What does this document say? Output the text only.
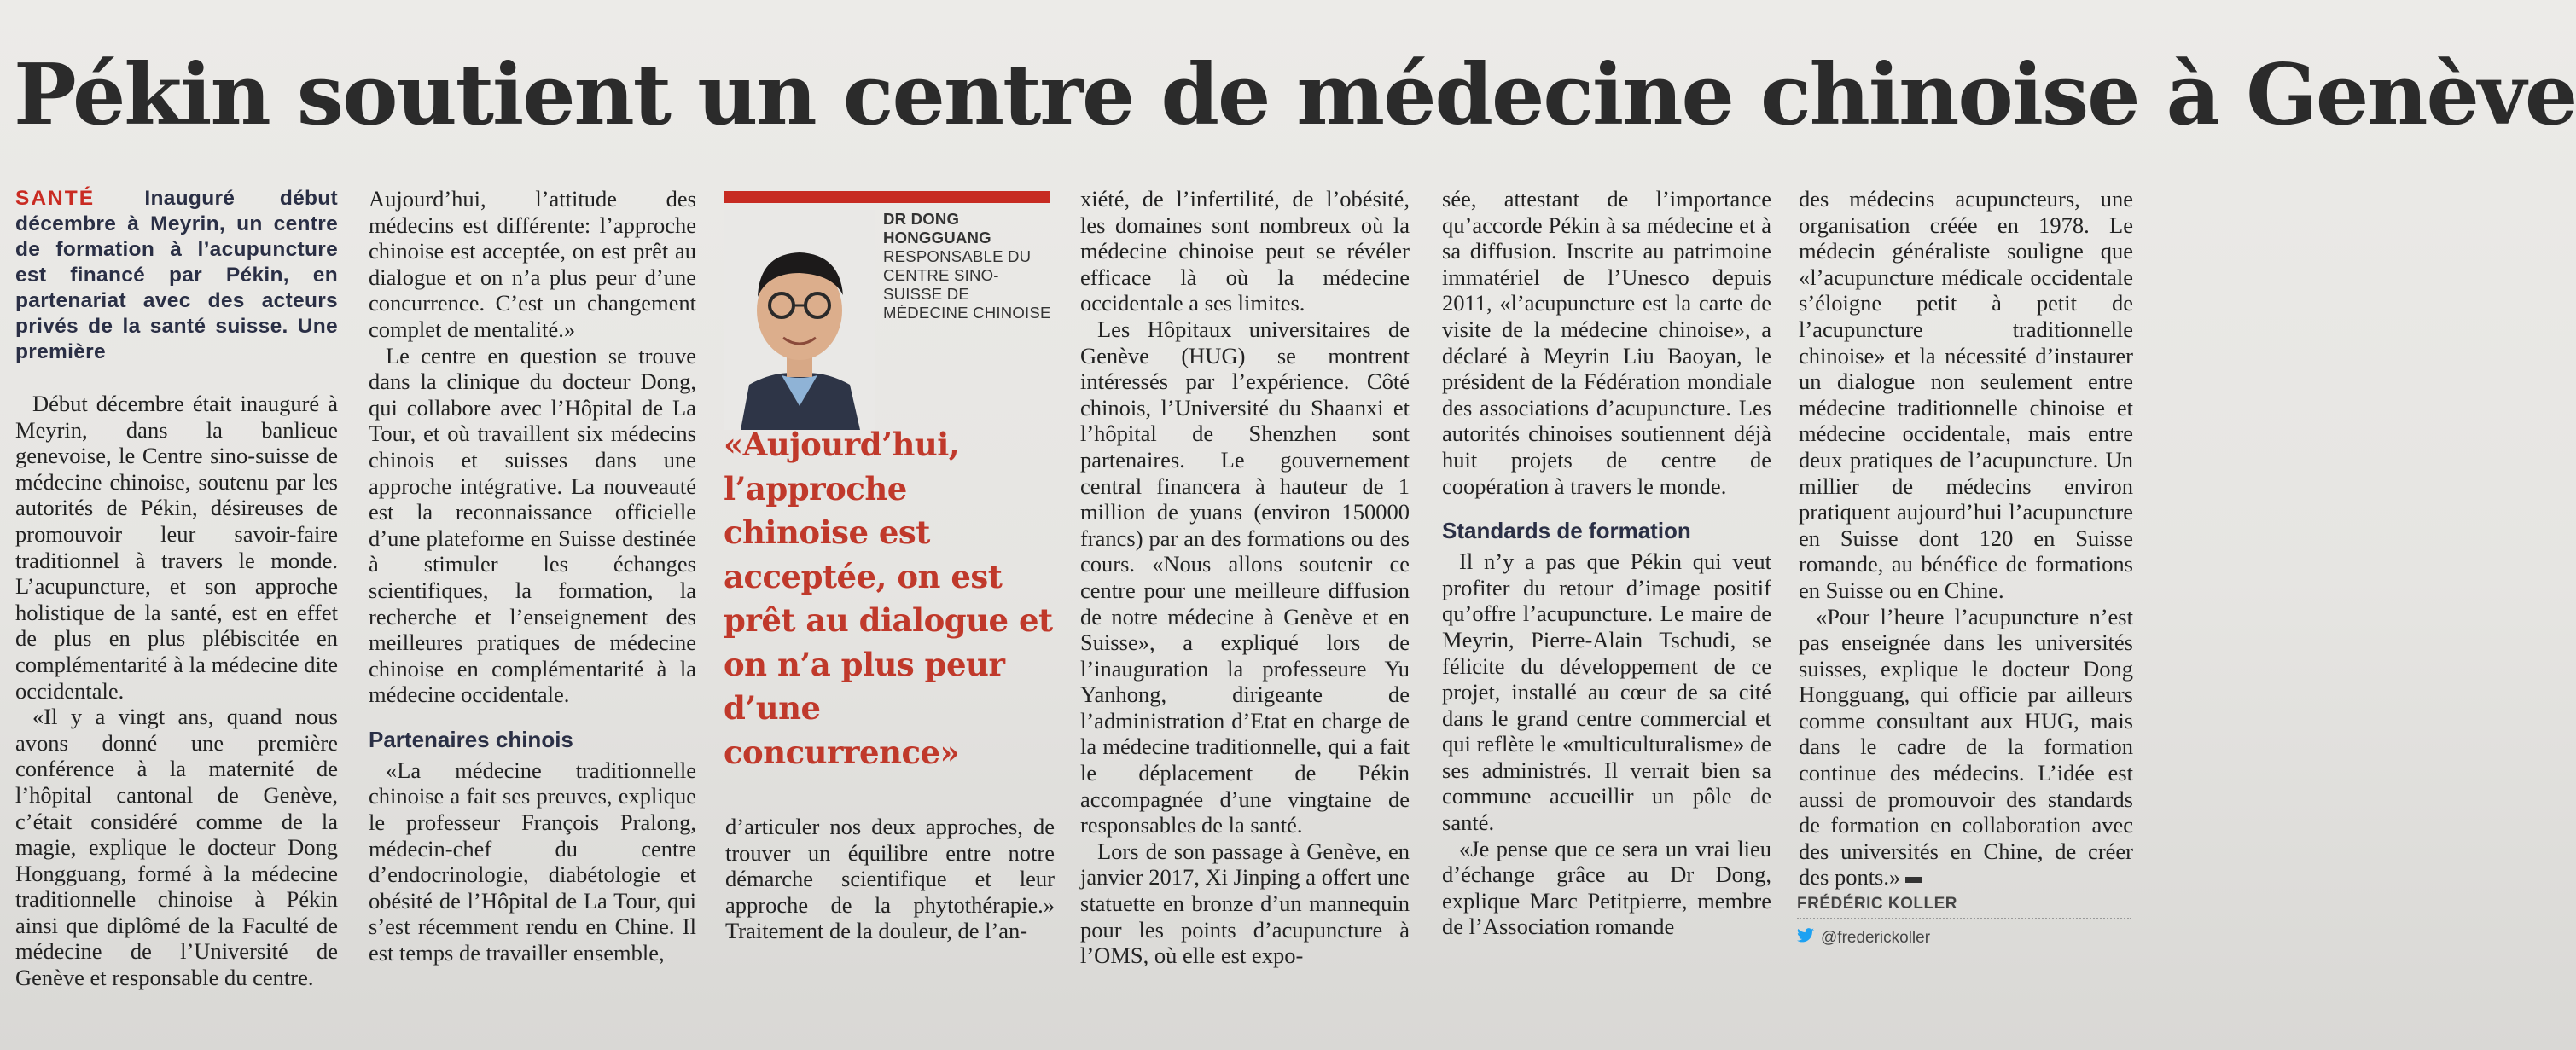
Pékin soutient un centre de médecine chinoise à Genève

SANTÉ Inauguré début décembre à Meyrin, un centre de formation à l’acupuncture est financé par Pékin, en partenariat avec des acteurs privés de la santé suisse. Une première

Début décembre était inauguré à Meyrin, dans la banlieue genevoise, le Centre sino-suisse de médecine chinoise, soutenu par les autorités de Pékin, désireuses de promouvoir leur savoir-faire traditionnel à travers le monde. L’acupuncture, et son approche holistique de la santé, est en effet de plus en plus plébiscitée en complémentarité à la médecine dite occidentale.

«Il y a vingt ans, quand nous avons donné une première conférence à la maternité de l’hôpital cantonal de Genève, c’était considéré comme de la magie, explique le docteur Dong Hongguang, formé à la médecine traditionnelle chinoise à Pékin ainsi que diplômé de la Faculté de médecine de l’Université de Genève et responsable du centre.

Aujourd’hui, l’attitude des médecins est différente: l’approche chinoise est acceptée, on est prêt au dialogue et on n’a plus peur d’une concurrence. C’est un changement complet de mentalité.»

Le centre en question se trouve dans la clinique du docteur Dong, qui collabore avec l’Hôpital de La Tour, et où travaillent six médecins chinois et suisses dans une approche intégrative. La nouveauté est la reconnaissance officielle d’une plateforme en Suisse destinée à stimuler les échanges scientifiques, la formation, la recherche et l’enseignement des meilleures pratiques de médecine chinoise en complémentarité à la médecine occidentale.

Partenaires chinois

«La médecine traditionnelle chinoise a fait ses preuves, explique le professeur François Pralong, médecin-chef du centre d’endocrinologie, diabétologie et obésité de l’Hôpital de La Tour, qui s’est récemment rendu en Chine. Il est temps de travailler ensemble,

DR DONG HONGGUANG
RESPONSABLE DU CENTRE SINO-SUISSE DE MÉDECINE CHINOISE

«Aujourd’hui, l’approche chinoise est acceptée, on est prêt au dialogue et on n’a plus peur d’une concurrence»

d’articuler nos deux approches, de trouver un équilibre entre notre démarche scientifique et leur approche de la phytothérapie.» Traitement de la douleur, de l’an-

xiété, de l’infertilité, de l’obésité, les domaines sont nombreux où la médecine chinoise peut se révéler efficace là où la médecine occidentale a ses limites.

Les Hôpitaux universitaires de Genève (HUG) se montrent intéressés par l’expérience. Côté chinois, l’Université du Shaanxi et l’hôpital de Shenzhen sont partenaires. Le gouvernement central financera à hauteur de 1 million de yuans (environ 150000 francs) par an des formations ou des cours. «Nous allons soutenir ce centre pour une meilleure diffusion de notre médecine à Genève et en Suisse», a expliqué lors de l’inauguration la professeure Yu Yanhong, dirigeante de l’administration d’Etat en charge de la médecine traditionnelle, qui a fait le déplacement de Pékin accompagnée d’une vingtaine de responsables de la santé.

Lors de son passage à Genève, en janvier 2017, Xi Jinping a offert une statuette en bronze d’un mannequin pour les points d’acupuncture à l’OMS, où elle est expo-

sée, attestant de l’importance qu’accorde Pékin à sa médecine et à sa diffusion. Inscrite au patrimoine immatériel de l’Unesco depuis 2011, «l’acupuncture est la carte de visite de la médecine chinoise», a déclaré à Meyrin Liu Baoyan, le président de la Fédération mondiale des associations d’acupuncture. Les autorités chinoises soutiennent déjà huit projets de centre de coopération à travers le monde.

Standards de formation

Il n’y a pas que Pékin qui veut profiter du retour d’image positif qu’offre l’acupuncture. Le maire de Meyrin, Pierre-Alain Tschudi, se félicite du développement de ce projet, installé au cœur de sa cité dans le grand centre commercial et qui reflète le «multiculturalisme» de ses administrés. Il verrait bien sa commune accueillir un pôle de santé.

«Je pense que ce sera un vrai lieu d’échange grâce au Dr Dong, explique Marc Petitpierre, membre de l’Association romande

des médecins acupuncteurs, une organisation créée en 1978. Le médecin généraliste souligne que «l’acupuncture médicale occidentale s’éloigne petit à petit de l’acupuncture traditionnelle chinoise» et la nécessité d’instaurer un dialogue non seulement entre médecine traditionnelle chinoise et médecine occidentale, mais entre deux pratiques de l’acupuncture. Un millier de médecins environ pratiquent aujourd’hui l’acupuncture en Suisse dont 120 en Suisse romande, au bénéfice de formations en Suisse ou en Chine.

«Pour l’heure l’acupuncture n’est pas enseignée dans les universités suisses, explique le docteur Dong Hongguang, qui officie par ailleurs comme consultant aux HUG, mais dans le cadre de la formation continue des médecins. L’idée est aussi de promouvoir des standards de formation en collaboration avec des universités en Chine, de créer des ponts.»

FRÉDÉRIC KOLLER
@frederickoller
